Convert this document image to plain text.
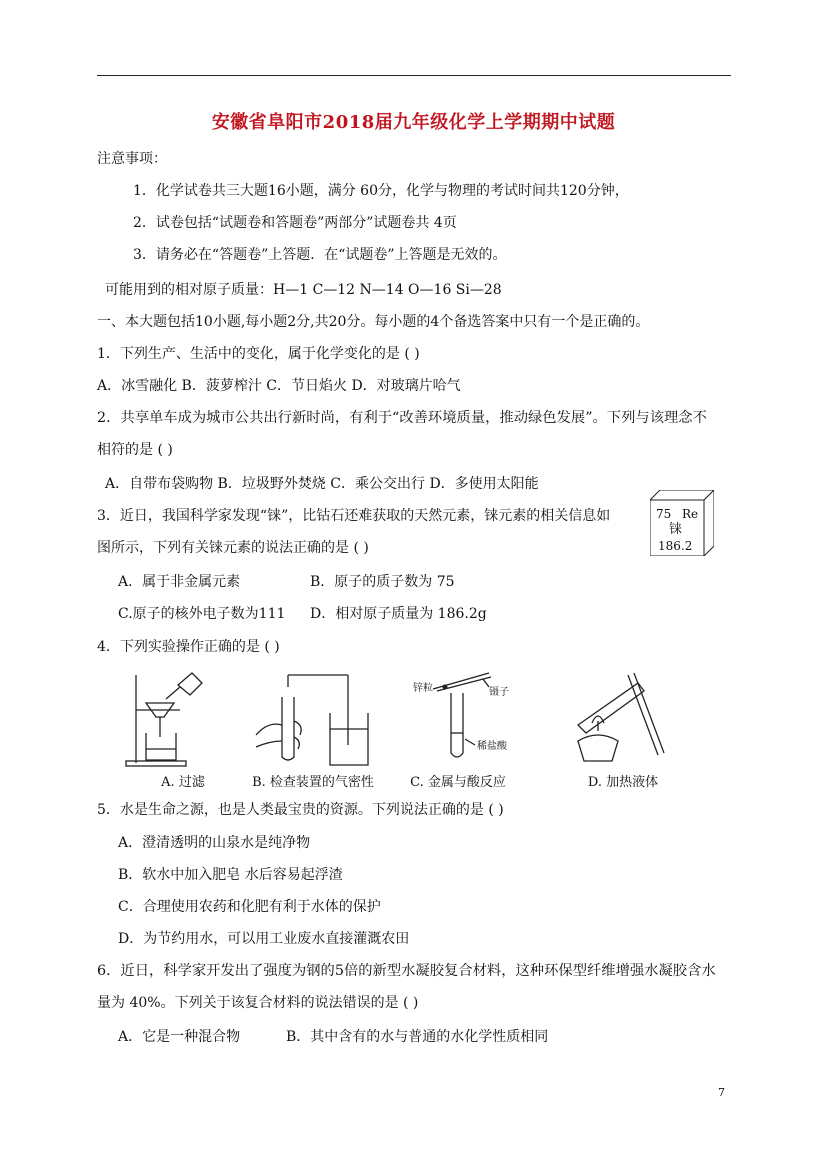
安徽省阜阳市2018届九年级化学上学期期中试题
注意事项：
1．化学试卷共三大题16小题，满分 60分，化学与物理的考试时间共120分钟，
2．试卷包括“试题卷和答题卷”两部分”试题卷共 4页
3．请务必在“答题卷”上答题．在“试题卷”上答题是无效的。
可能用到的相对原子质量：H—1 C—12 N—14 O—16 Si—28
一、本大题包括10小题,每小题2分,共20分。每小题的4个备选答案中只有一个是正确的。
1．下列生产、生活中的变化，属于化学变化的是 ( )
A．冰雪融化 B．菠萝榨汁 C．节日焰火 D．对玻璃片哈气
2．共享单车成为城市公共出行新时尚，有利于“改善环境质量，推动绿色发展”。下列与该理念不
相符的是 ( )
A．自带布袋购物 B．垃圾野外焚烧 C．乘公交出行 D．多使用太阳能
3．近日，我国科学家发现“铼”，比钴石还难获取的天然元素，铼元素的相关信息如
图所示，下列有关铼元素的说法正确的是 ( )
75 Re
铼
186.2
A．属于非金属元素	B．原子的质子数为 75
C.原子的核外电子数为111 D．相对原子质量为 186.2g
4．下列实验操作正确的是 ( )
A. 过滤	B. 检查装置的气密性
锌粒	镊子
稀盐酸
C. 金属与酸反应	D. 加热液体
5．水是生命之源，也是人类最宝贵的资源。下列说法正确的是 ( )
A．澄清透明的山泉水是纯净物
B．软水中加入肥皂 水后容易起浮渣
C．合理使用农药和化肥有利于水体的保护
D．为节约用水，可以用工业废水直接灌溉农田
6．近日，科学家开发出了强度为钢的5倍的新型水凝胶复合材料，这种环保型纤维增强水凝胶含水
量为 40%。下列关于该复合材料的说法错误的是 ( )
A．它是一种混合物	B．其中含有的水与普通的水化学性质相同
7
